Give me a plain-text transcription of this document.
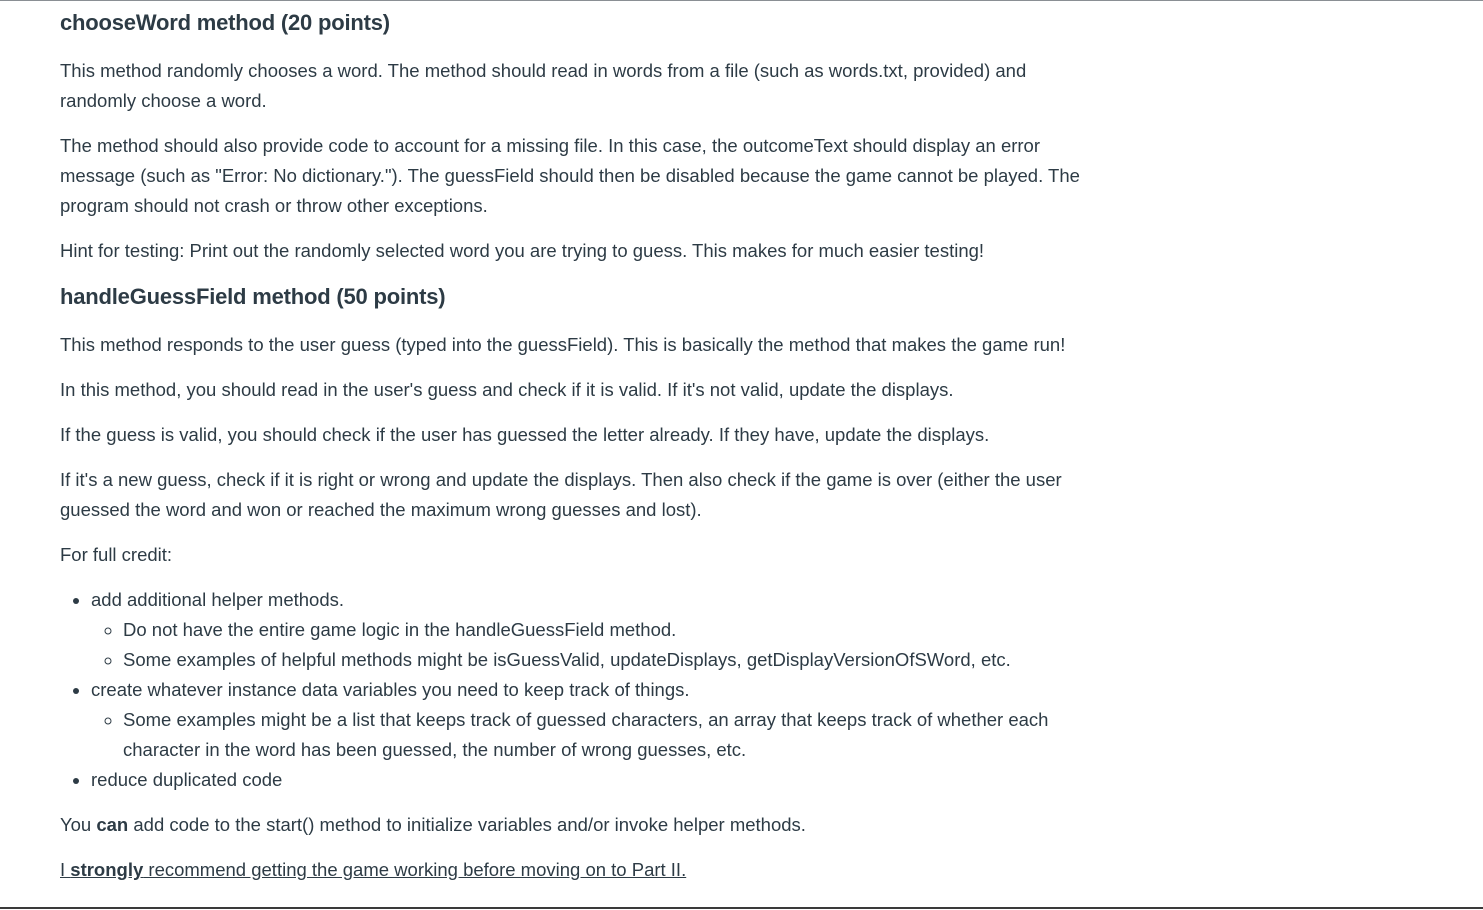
chooseWord method (20 points)

This method randomly chooses a word. The method should read in words from a file (such as words.txt, provided) and randomly choose a word.

The method should also provide code to account for a missing file. In this case, the outcomeText should display an error message (such as "Error: No dictionary."). The guessField should then be disabled because the game cannot be played. The program should not crash or throw other exceptions.

Hint for testing: Print out the randomly selected word you are trying to guess. This makes for much easier testing!

handleGuessField method (50 points)

This method responds to the user guess (typed into the guessField). This is basically the method that makes the game run!

In this method, you should read in the user's guess and check if it is valid. If it's not valid, update the displays.

If the guess is valid, you should check if the user has guessed the letter already. If they have, update the displays.

If it's a new guess, check if it is right or wrong and update the displays. Then also check if the game is over (either the user guessed the word and won or reached the maximum wrong guesses and lost).

For full credit:

• add additional helper methods.
◦ Do not have the entire game logic in the handleGuessField method.
◦ Some examples of helpful methods might be isGuessValid, updateDisplays, getDisplayVersionOfSWord, etc.
• create whatever instance data variables you need to keep track of things.
◦ Some examples might be a list that keeps track of guessed characters, an array that keeps track of whether each character in the word has been guessed, the number of wrong guesses, etc.
• reduce duplicated code

You can add code to the start() method to initialize variables and/or invoke helper methods.

I strongly recommend getting the game working before moving on to Part II.
